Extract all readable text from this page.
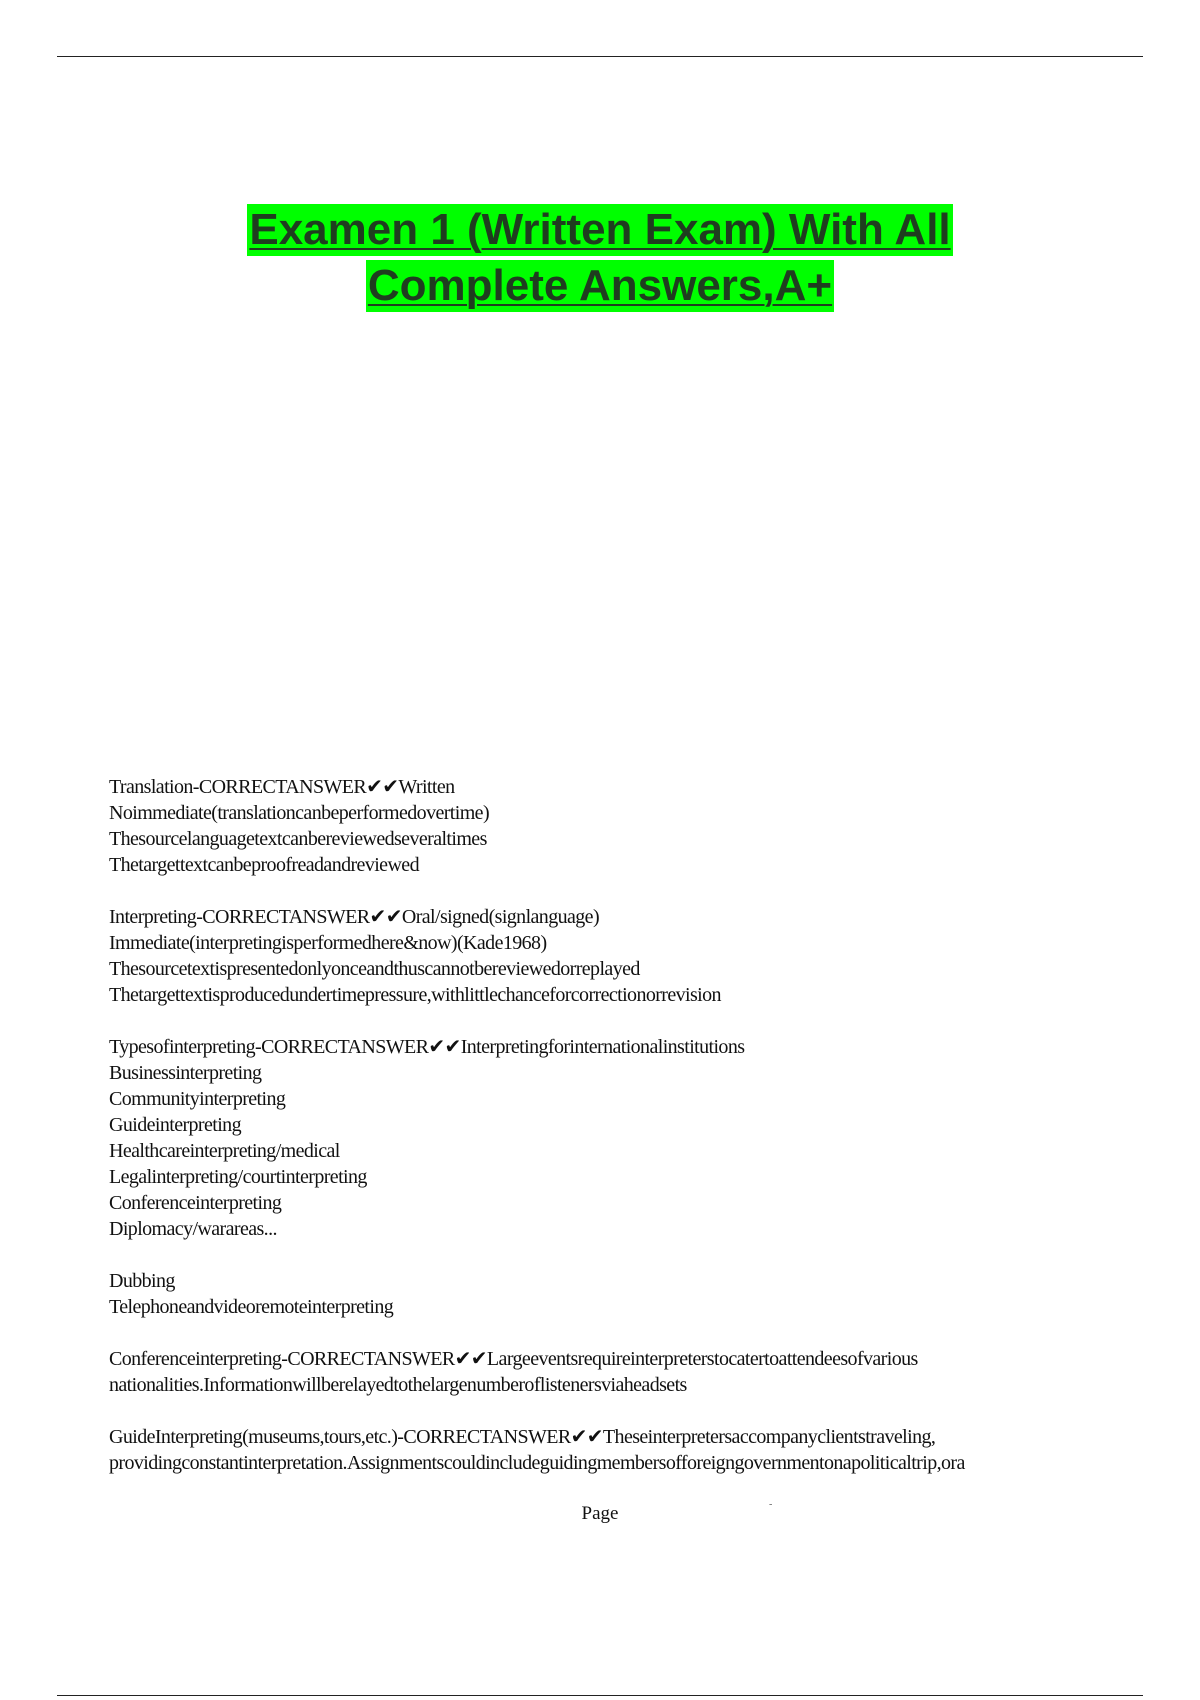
Examen 1 (Written Exam) With All
Complete Answers,A+
Translation-CORRECTANSWER✔✔Written
Noimmediate(translationcanbeperformedovertime)
Thesourcelanguagetextcanbereviewedseveraltimes
Thetargettextcanbeproofreadandreviewed
Interpreting-CORRECTANSWER✔✔Oral/signed(signlanguage)
Immediate(interpretingisperformedhere&now)(Kade1968)
Thesourcetextispresentedonlyonceandthuscannotbereviewedorreplayed
Thetargettextisproducedundertimepressure,withlittlechanceforcorrectionorrevision
Typesofinterpreting-CORRECTANSWER✔✔Interpretingforinternationalinstitutions
Businessinterpreting
Communityinterpreting
Guideinterpreting
Healthcareinterpreting/medical
Legalinterpreting/courtinterpreting
Conferenceinterpreting
Diplomacy/warareas...
Dubbing
Telephoneandvideoremoteinterpreting
Conferenceinterpreting-CORRECTANSWER✔✔Largeeventsrequireinterpreterstocatertoattendeesofvarious
nationalities.Informationwillberelayedtothelargenumberoflistenersviaheadsets
GuideInterpreting(museums,tours,etc.)-CORRECTANSWER✔✔Theseinterpretersaccompanyclientstraveling,
providingconstantinterpretation.Assignmentscouldincludeguidingmembersofforeigngovernmentonapoliticaltrip,ora
Page	-
